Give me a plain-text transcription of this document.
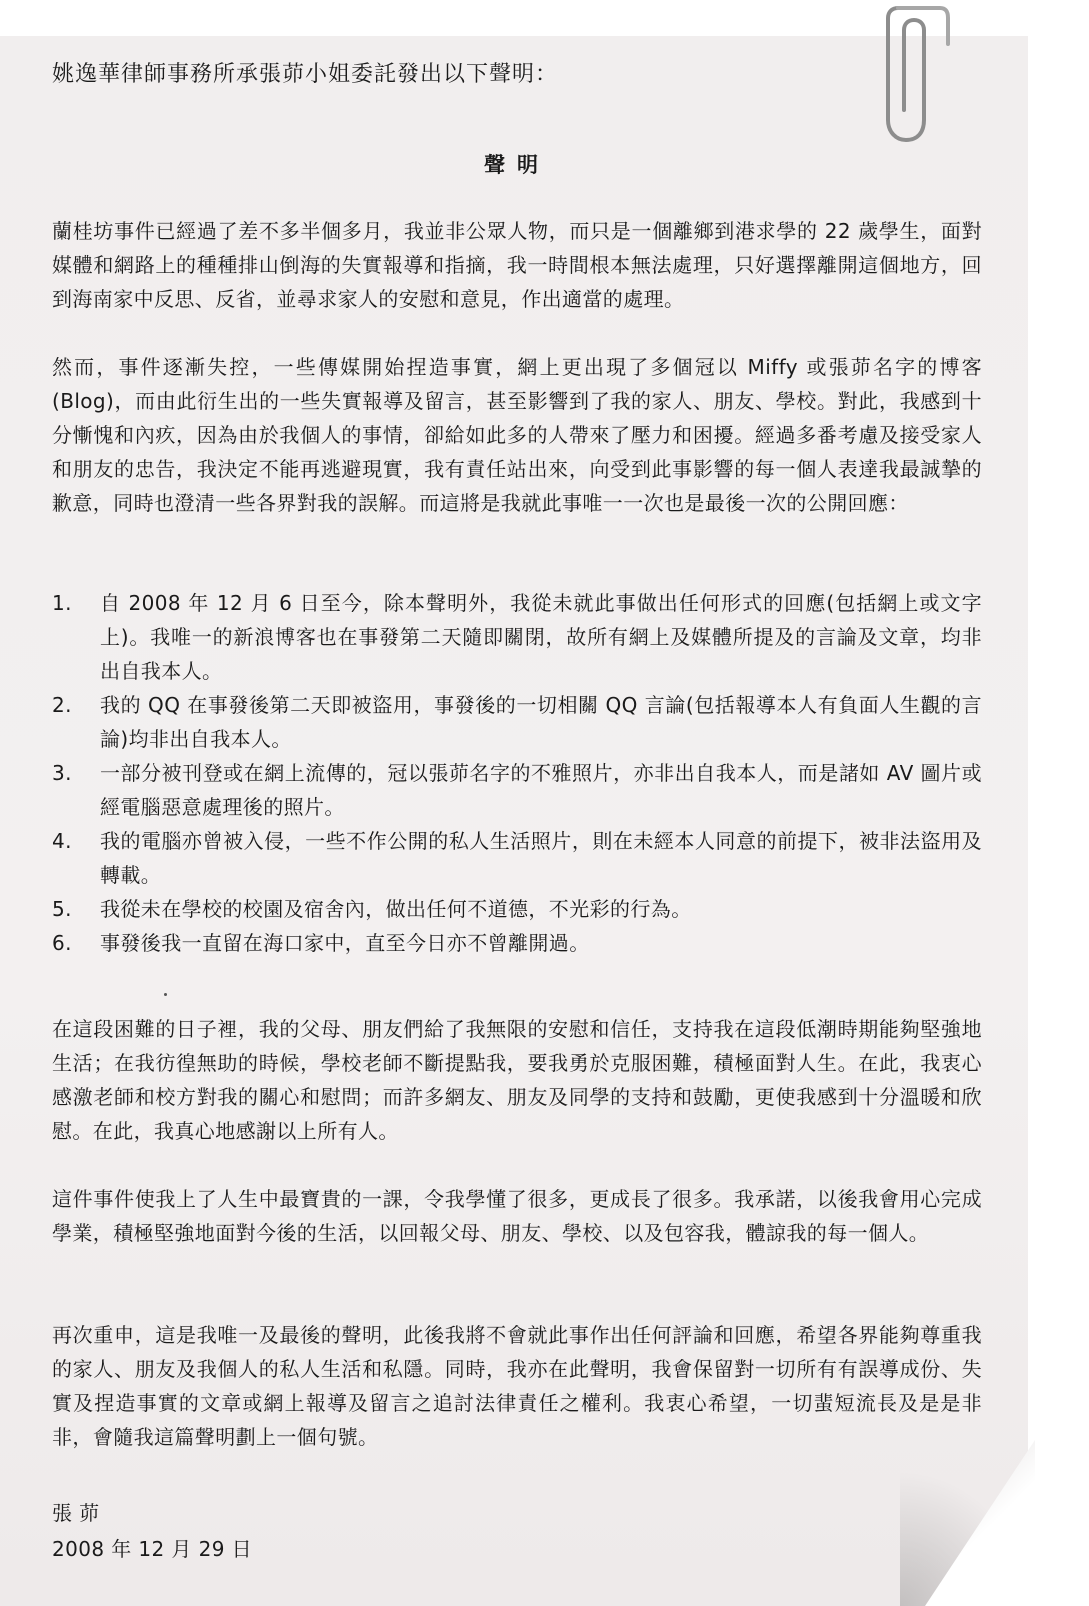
姚逸華律師事務所承張茆小姐委託發出以下聲明：
聲明
蘭桂坊事件已經過了差不多半個多月，我並非公眾人物，而只是一個離鄉到港求學的 22 歲學生，面對媒體和網路上的種種排山倒海的失實報導和指摘，我一時間根本無法處理，只好選擇離開這個地方，回到海南家中反思、反省，並尋求家人的安慰和意見，作出適當的處理。
然而，事件逐漸失控，一些傳媒開始捏造事實，網上更出現了多個冠以 Miffy 或張茆名字的博客(Blog)，而由此衍生出的一些失實報導及留言，甚至影響到了我的家人、朋友、學校。對此，我感到十分慚愧和內疚，因為由於我個人的事情，卻給如此多的人帶來了壓力和困擾。經過多番考慮及接受家人和朋友的忠告，我決定不能再逃避現實，我有責任站出來，向受到此事影響的每一個人表達我最誠摯的歉意，同時也澄清一些各界對我的誤解。而這將是我就此事唯一一次也是最後一次的公開回應：
1. 自 2008 年 12 月 6 日至今，除本聲明外，我從未就此事做出任何形式的回應(包括網上或文字上)。我唯一的新浪博客也在事發第二天隨即關閉，故所有網上及媒體所提及的言論及文章，均非出自我本人。
2. 我的 QQ 在事發後第二天即被盜用，事發後的一切相關 QQ 言論(包括報導本人有負面人生觀的言論)均非出自我本人。
3. 一部分被刊登或在網上流傳的，冠以張茆名字的不雅照片，亦非出自我本人，而是諸如 AV 圖片或經電腦惡意處理後的照片。
4. 我的電腦亦曾被入侵，一些不作公開的私人生活照片，則在未經本人同意的前提下，被非法盜用及轉載。
5. 我從未在學校的校園及宿舍內，做出任何不道德，不光彩的行為。
6. 事發後我一直留在海口家中，直至今日亦不曾離開過。
在這段困難的日子裡，我的父母、朋友們給了我無限的安慰和信任，支持我在這段低潮時期能夠堅強地生活；在我彷徨無助的時候，學校老師不斷提點我，要我勇於克服困難，積極面對人生。在此，我衷心感激老師和校方對我的關心和慰問；而許多網友、朋友及同學的支持和鼓勵，更使我感到十分溫暖和欣慰。在此，我真心地感謝以上所有人。
這件事件使我上了人生中最寶貴的一課，令我學懂了很多，更成長了很多。我承諾，以後我會用心完成學業，積極堅強地面對今後的生活，以回報父母、朋友、學校、以及包容我，體諒我的每一個人。
再次重申，這是我唯一及最後的聲明，此後我將不會就此事作出任何評論和回應，希望各界能夠尊重我的家人、朋友及我個人的私人生活和私隱。同時，我亦在此聲明，我會保留對一切所有有誤導成份、失實及捏造事實的文章或網上報導及留言之追討法律責任之權利。我衷心希望，一切蜚短流長及是是非非，會隨我這篇聲明劃上一個句號。
張 茆
2008 年 12 月 29 日
